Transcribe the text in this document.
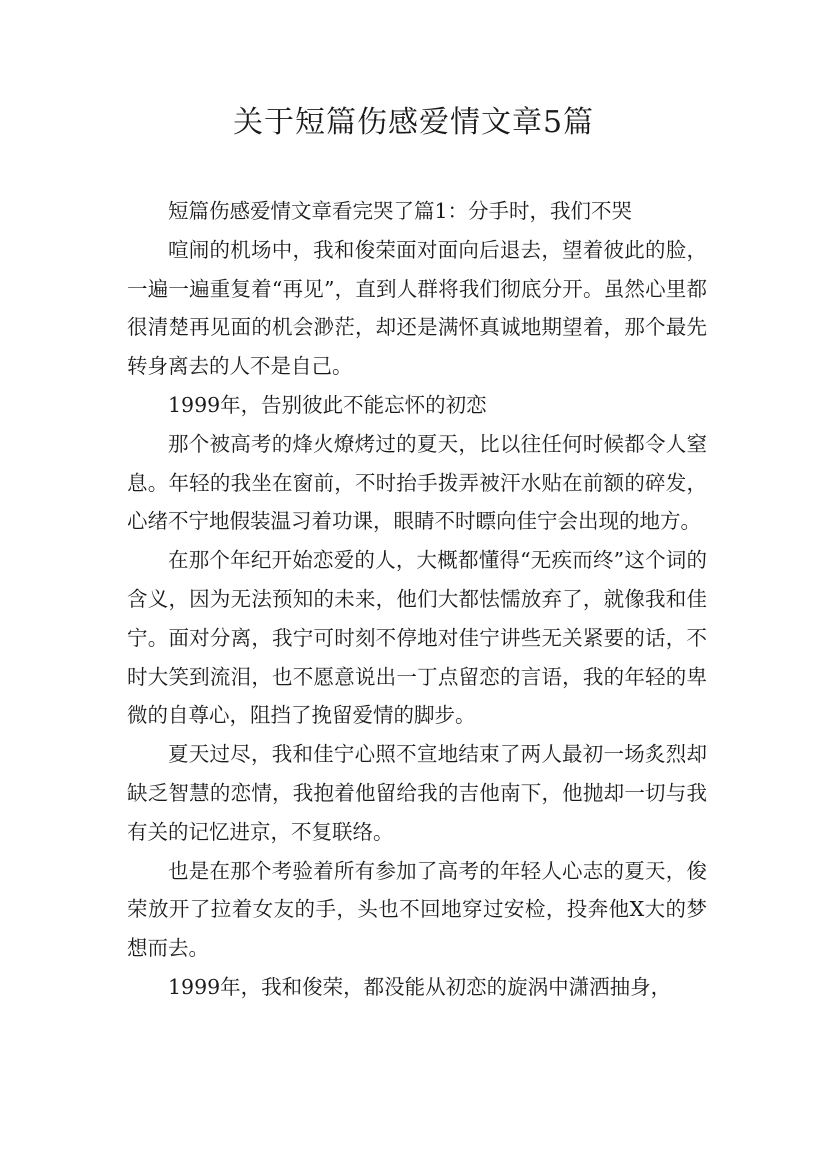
关于短篇伤感爱情文章5篇

短篇伤感爱情文章看完哭了篇1：分手时，我们不哭

喧闹的机场中，我和俊荣面对面向后退去，望着彼此的脸，一遍一遍重复着“再见”，直到人群将我们彻底分开。虽然心里都很清楚再见面的机会渺茫，却还是满怀真诚地期望着，那个最先转身离去的人不是自己。

1999年，告别彼此不能忘怀的初恋

那个被高考的烽火燎烤过的夏天，比以往任何时候都令人窒息。年轻的我坐在窗前，不时抬手拨弄被汗水贴在前额的碎发，心绪不宁地假装温习着功课，眼睛不时瞟向佳宁会出现的地方。

在那个年纪开始恋爱的人，大概都懂得“无疾而终”这个词的含义，因为无法预知的未来，他们大都怯懦放弃了，就像我和佳宁。面对分离，我宁可时刻不停地对佳宁讲些无关紧要的话，不时大笑到流泪，也不愿意说出一丁点留恋的言语，我的年轻的卑微的自尊心，阻挡了挽留爱情的脚步。

夏天过尽，我和佳宁心照不宣地结束了两人最初一场炙烈却缺乏智慧的恋情，我抱着他留给我的吉他南下，他抛却一切与我有关的记忆进京，不复联络。

也是在那个考验着所有参加了高考的年轻人心志的夏天，俊荣放开了拉着女友的手，头也不回地穿过安检，投奔他X大的梦想而去。

1999年，我和俊荣，都没能从初恋的旋涡中潇洒抽身，
